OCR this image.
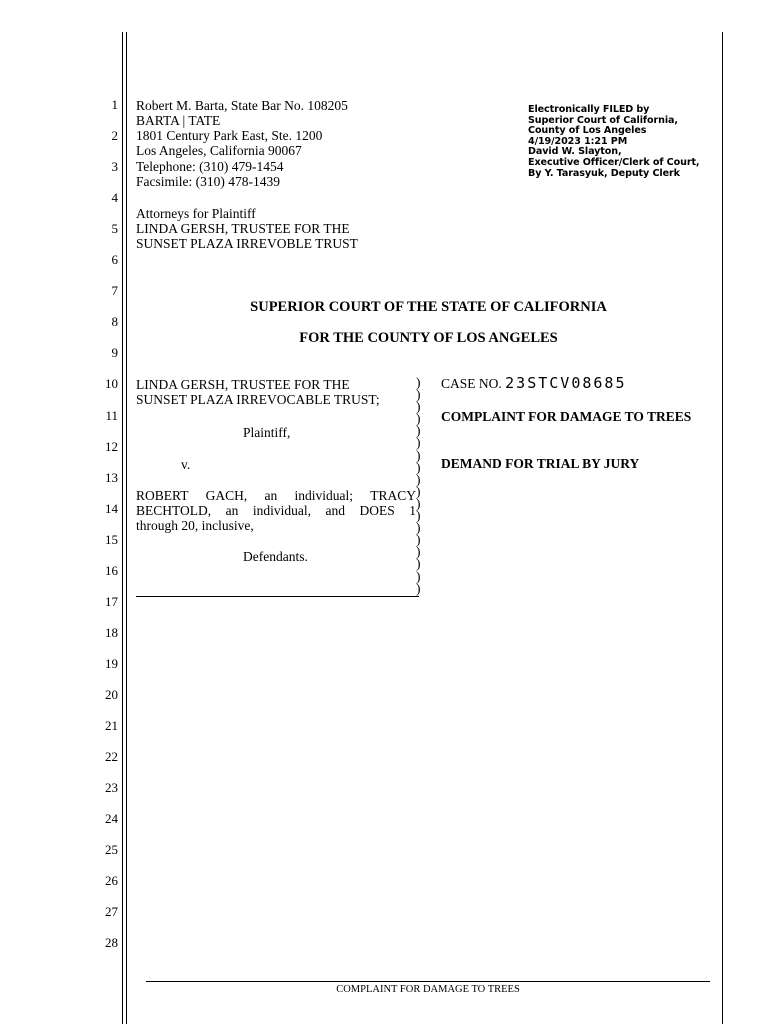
1
2
3
4
5
6
7
8
9
10
11
12
13
14
15
16
17
18
19
20
21
22
23
24
25
26
27
28
Robert M. Barta, State Bar No. 108205
BARTA | TATE
1801 Century Park East, Ste. 1200
Los Angeles, California 90067
Telephone: (310) 479-1454
Facsimile: (310) 478-1439
Attorneys for Plaintiff
LINDA GERSH, TRUSTEE FOR THE
SUNSET PLAZA IRREVOBLE TRUST
Electronically FILED by
Superior Court of California,
County of Los Angeles
4/19/2023 1:21 PM
David W. Slayton,
Executive Officer/Clerk of Court,
By Y. Tarasyuk, Deputy Clerk
SUPERIOR COURT OF THE STATE OF CALIFORNIA
FOR THE COUNTY OF LOS ANGELES
LINDA GERSH, TRUSTEE FOR THE
SUNSET PLAZA IRREVOCABLE TRUST;
Plaintiff,
v.
ROBERT GACH, an individual; TRACY
BECHTOLD, an individual, and DOES 1
through 20, inclusive,
Defendants.
)
)
)
)
)
)
)
)
)
)
)
)
)
)
)
)
)
)
CASE NO. 23STCV08685
COMPLAINT FOR DAMAGE TO TREES
DEMAND FOR TRIAL BY JURY
COMPLAINT FOR DAMAGE TO TREES
